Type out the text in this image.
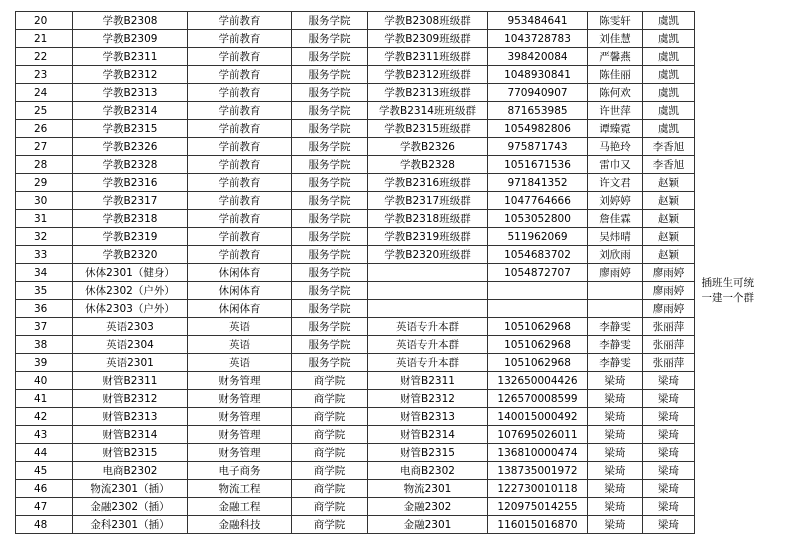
20	学教B2308	学前教育	服务学院	学教B2308班级群	953484641	陈雯轩	虞凯	
21	学教B2309	学前教育	服务学院	学教B2309班级群	1043728783	刘佳慧	虞凯	
22	学教B2311	学前教育	服务学院	学教B2311班级群	398420084	严馨燕	虞凯	
23	学教B2312	学前教育	服务学院	学教B2312班级群	1048930841	陈佳丽	虞凯	
24	学教B2313	学前教育	服务学院	学教B2313班级群	770940907	陈何欢	虞凯	
25	学教B2314	学前教育	服务学院	学教B2314班班级群	871653985	许世萍	虞凯	
26	学教B2315	学前教育	服务学院	学教B2315班级群	1054982806	谭臻霓	虞凯	
27	学教B2326	学前教育	服务学院	学教B2326	975871743	马艳玲	李香旭	
28	学教B2328	学前教育	服务学院	学教B2328	1051671536	雷巾又	李香旭	
29	学教B2316	学前教育	服务学院	学教B2316班级群	971841352	许文君	赵颖	
30	学教B2317	学前教育	服务学院	学教B2317班级群	1047764666	刘婷婷	赵颖	
31	学教B2318	学前教育	服务学院	学教B2318班级群	1053052800	詹佳霖	赵颖	
32	学教B2319	学前教育	服务学院	学教B2319班级群	511962069	吴炜晴	赵颖	
33	学教B2320	学前教育	服务学院	学教B2320班级群	1054683702	刘欣雨	赵颖	
34	休体2301（健身）	休闲体育	服务学院		1054872707	廖雨婷	廖雨婷	插班生可统一建一个群
35	休体2302（户外）	休闲体育	服务学院				廖雨婷	
36	休体2303（户外）	休闲体育	服务学院				廖雨婷	
37	英语2303	英语	服务学院	英语专升本群	1051062968	李静雯	张丽萍	
38	英语2304	英语	服务学院	英语专升本群	1051062968	李静雯	张丽萍	
39	英语2301	英语	服务学院	英语专升本群	1051062968	李静雯	张丽萍	
40	财管B2311	财务管理	商学院	财管B2311	132650004426	梁琦	梁琦	
41	财管B2312	财务管理	商学院	财管B2312	126570008599	梁琦	梁琦	
42	财管B2313	财务管理	商学院	财管B2313	140015000492	梁琦	梁琦	
43	财管B2314	财务管理	商学院	财管B2314	107695026011	梁琦	梁琦	
44	财管B2315	财务管理	商学院	财管B2315	136810000474	梁琦	梁琦	
45	电商B2302	电子商务	商学院	电商B2302	138735001972	梁琦	梁琦	
46	物流2301（插）	物流工程	商学院	物流2301	122730010118	梁琦	梁琦	
47	金融2302（插）	金融工程	商学院	金融2302	120975014255	梁琦	梁琦	
48	金科2301（插）	金融科技	商学院	金融2301	116015016870	梁琦	梁琦	
